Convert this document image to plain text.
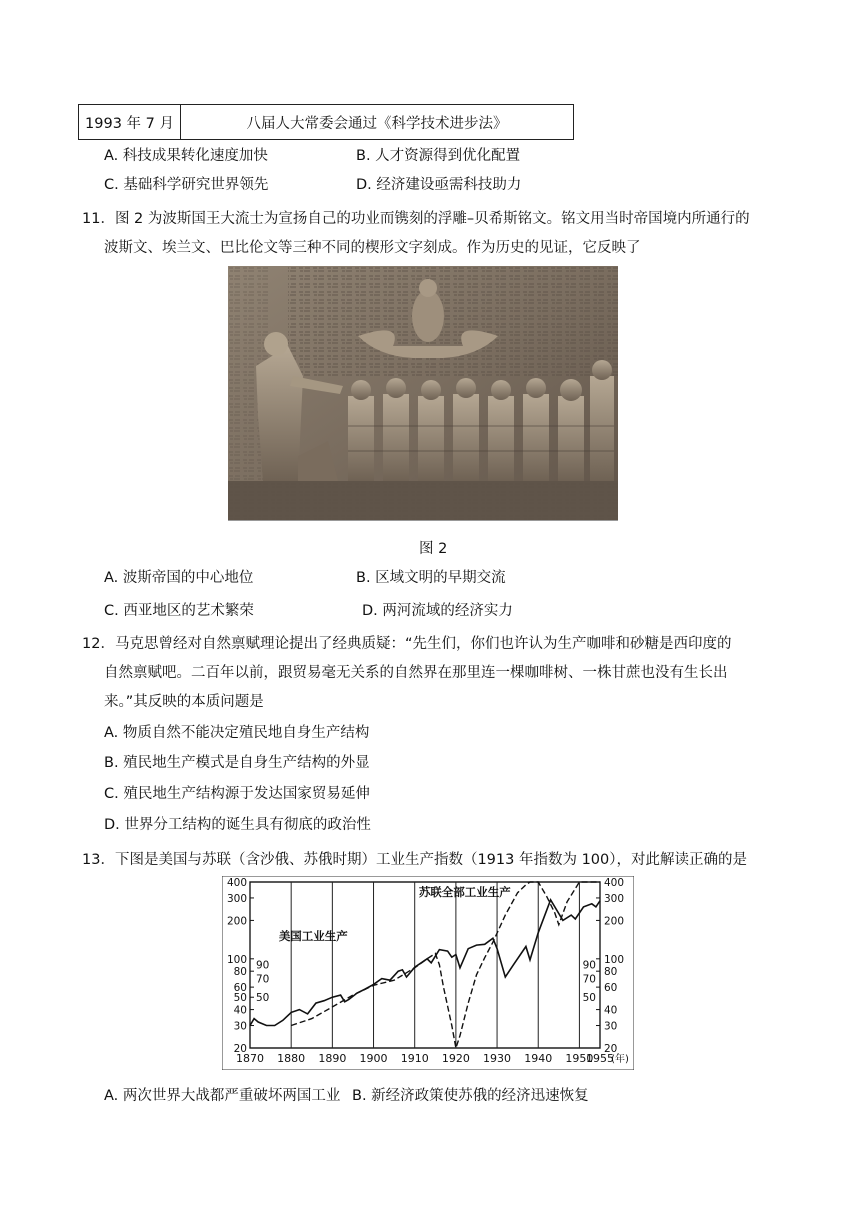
1993 年 7 月	八届人大常委会通过《科学技术进步法》
A. 科技成果转化速度加快	B. 人才资源得到优化配置
C. 基础科学研究世界领先	D. 经济建设亟需科技助力
11．图 2 为波斯国王大流士为宣扬自己的功业而镌刻的浮雕–贝希斯铭文。铭文用当时帝国境内所通行的
波斯文、埃兰文、巴比伦文等三种不同的楔形文字刻成。作为历史的见证，它反映了
图 2
A. 波斯帝国的中心地位	B. 区域文明的早期交流
C. 西亚地区的艺术繁荣	D. 两河流域的经济实力
12．马克思曾经对自然禀赋理论提出了经典质疑：“先生们，你们也许认为生产咖啡和砂糖是西印度的
自然禀赋吧。二百年以前，跟贸易毫无关系的自然界在那里连一棵咖啡树、一株甘蔗也没有生长出
来。”其反映的本质问题是
A. 物质自然不能决定殖民地自身生产结构
B. 殖民地生产模式是自身生产结构的外显
C. 殖民地生产结构源于发达国家贸易延伸
D. 世界分工结构的诞生具有彻底的政治性
13．下图是美国与苏联（含沙俄、苏俄时期）工业生产指数（1913 年指数为 100），对此解读正确的是
1870 1880 1890 1900 1910 1920 1930 1940 1950
1955
(年)
400
300
200
100
80
60
50
40
30
20
90
70
50
400
300
200
100
80
60
40
30
20
90
70
50
美国工业生产
苏联全部工业生产
A. 两次世界大战都严重破坏两国工业 B. 新经济政策使苏俄的经济迅速恢复
